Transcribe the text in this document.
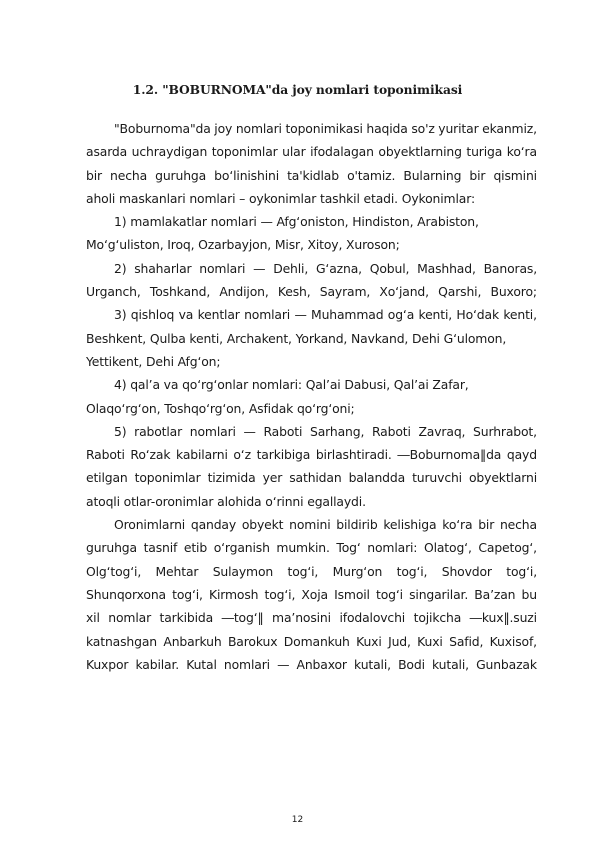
1.2. "BOBURNOMA"da joy nomlari toponimikasi
"Boburnoma"da joy nomlari toponimikasi haqida so'z yuritar ekanmiz,
asarda uchraydigan toponimlar ular ifodalagan obyektlarning turiga ko‘ra
bir necha guruhga bo‘linishini ta'kidlab o'tamiz. Bularning bir qismini
aholi maskanlari nomlari – oykonimlar tashkil etadi. Oykonimlar:
1) mamlakatlar nomlari — Afg‘oniston, Hindiston, Arabiston,
Mo‘g‘uliston, Iroq, Ozarbayjon, Misr, Xitoy, Xuroson;
2) shaharlar nomlari — Dehli, G‘azna, Qobul, Mashhad, Banoras,
Urganch, Toshkand, Andijon, Kesh, Sayram, Xo‘jand, Qarshi, Buxoro;
3) qishloq va kentlar nomlari — Muhammad og‘a kenti, Ho‘dak kenti,
Beshkent, Qulba kenti, Archakent, Yorkand, Navkand, Dehi G‘ulomon,
Yettikent, Dehi Afg‘on;
4) qal’a va qo‘rg‘onlar nomlari: Qal’ai Dabusi, Qal’ai Zafar,
Olaqo‘rg‘on, Toshqo‘rg‘on, Asfidak qo‘rg‘oni;
5) rabotlar nomlari — Raboti Sarhang, Raboti Zavraq, Surhrabot,
Raboti Ro‘zak kabilarni o‘z tarkibiga birlashtiradi. ―Boburnoma‖da qayd
etilgan toponimlar tizimida yer sathidan balandda turuvchi obyektlarni
atoqli otlar-oronimlar alohida o‘rinni egallaydi.
Oronimlarni qanday obyekt nomini bildirib kelishiga ko‘ra bir necha
guruhga tasnif etib o‘rganish mumkin. Tog‘ nomlari: Olatog‘, Capetog‘,
Olg‘tog‘i, Mehtar Sulaymon tog‘i, Murg‘on tog‘i, Shovdor tog‘i,
Shunqorxona tog‘i, Kirmosh tog‘i, Xoja Ismoil tog‘i singarilar. Ba’zan bu
xil nomlar tarkibida ―tog‘‖ ma’nosini ifodalovchi tojikcha ―kux‖.suzi
katnashgan Anbarkuh Barokux Domankuh Kuxi Jud, Kuxi Safid, Kuxisof,
Kuxpor kabilar. Kutal nomlari — Anbaxor kutali, Bodi kutali, Gunbazak
12
